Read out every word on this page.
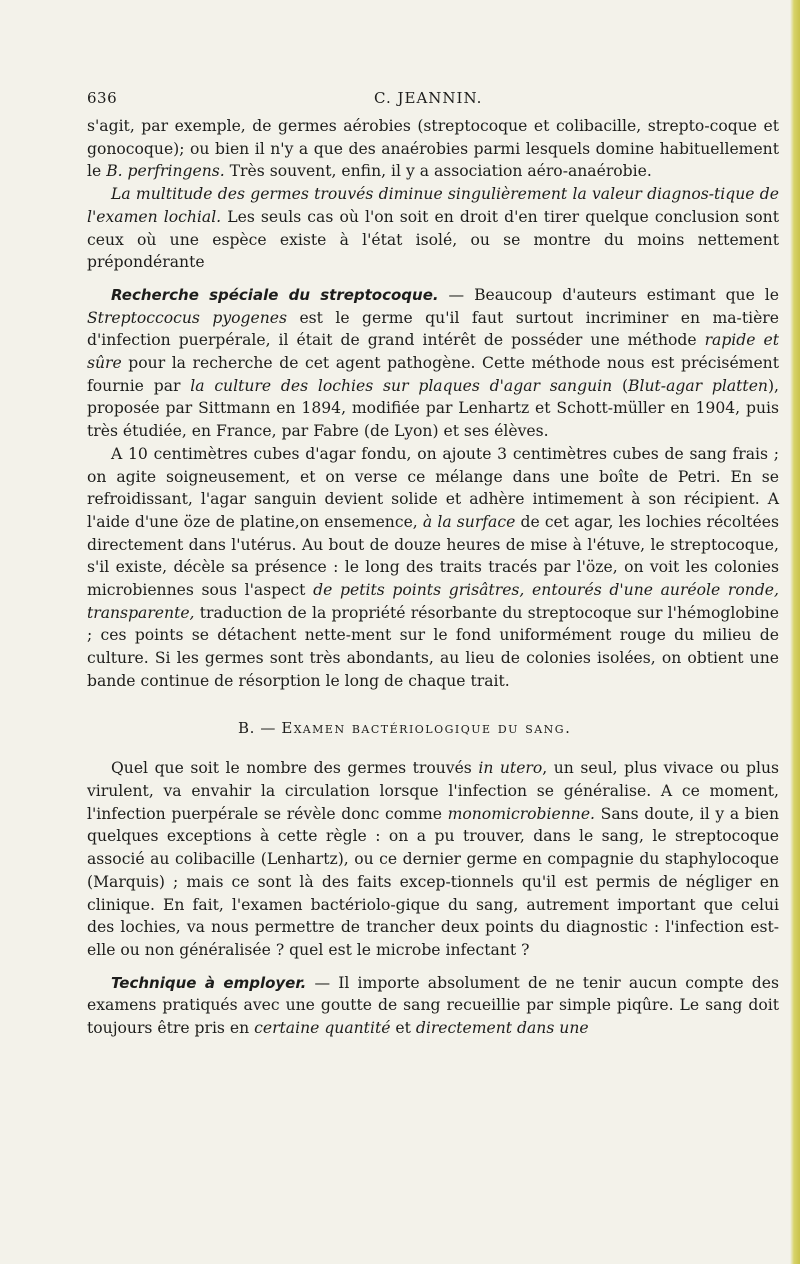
636	C. JEANNIN.

s'agit, par exemple, de germes aérobies (streptocoque et colibacille, strepto-coque et gonocoque); ou bien il n'y a que des anaérobies parmi lesquels domine habituellement le B. perfringens. Très souvent, enfin, il y a association aéro-anaérobie.

La multitude des germes trouvés diminue singulièrement la valeur diagnos-tique de l'examen lochial. Les seuls cas où l'on soit en droit d'en tirer quelque conclusion sont ceux où une espèce existe à l'état isolé, ou se montre du moins nettement prépondérante

Recherche spéciale du streptocoque. — Beaucoup d'auteurs estimant que le Streptoccocus pyogenes est le germe qu'il faut surtout incriminer en ma-tière d'infection puerpérale, il était de grand intérêt de posséder une méthode rapide et sûre pour la recherche de cet agent pathogène. Cette méthode nous est précisément fournie par la culture des lochies sur plaques d'agar sanguin (Blut-agar platten), proposée par Sittmann en 1894, modifiée par Lenhartz et Schott-müller en 1904, puis très étudiée, en France, par Fabre (de Lyon) et ses élèves.

A 10 centimètres cubes d'agar fondu, on ajoute 3 centimètres cubes de sang frais ; on agite soigneusement, et on verse ce mélange dans une boîte de Petri. En se refroidissant, l'agar sanguin devient solide et adhère intimement à son récipient. A l'aide d'une öze de platine,on ensemence, à la surface de cet agar, les lochies récoltées directement dans l'utérus. Au bout de douze heures de mise à l'étuve, le streptocoque, s'il existe, décèle sa présence : le long des traits tracés par l'öze, on voit les colonies microbiennes sous l'aspect de petits points grisâtres, entourés d'une auréole ronde, transparente, traduction de la propriété résorbante du streptocoque sur l'hémoglobine ; ces points se détachent nette-ment sur le fond uniformément rouge du milieu de culture. Si les germes sont très abondants, au lieu de colonies isolées, on obtient une bande continue de résorption le long de chaque trait.

B. — Examen bactériologique du sang.

Quel que soit le nombre des germes trouvés in utero, un seul, plus vivace ou plus virulent, va envahir la circulation lorsque l'infection se généralise. A ce moment, l'infection puerpérale se révèle donc comme monomicrobienne. Sans doute, il y a bien quelques exceptions à cette règle : on a pu trouver, dans le sang, le streptocoque associé au colibacille (Lenhartz), ou ce dernier germe en compagnie du staphylocoque (Marquis) ; mais ce sont là des faits excep-tionnels qu'il est permis de négliger en clinique. En fait, l'examen bactériolo-gique du sang, autrement important que celui des lochies, va nous permettre de trancher deux points du diagnostic : l'infection est-elle ou non généralisée ? quel est le microbe infectant ?

Technique à employer. — Il importe absolument de ne tenir aucun compte des examens pratiqués avec une goutte de sang recueillie par simple piqûre. Le sang doit toujours être pris en certaine quantité et directement dans une
